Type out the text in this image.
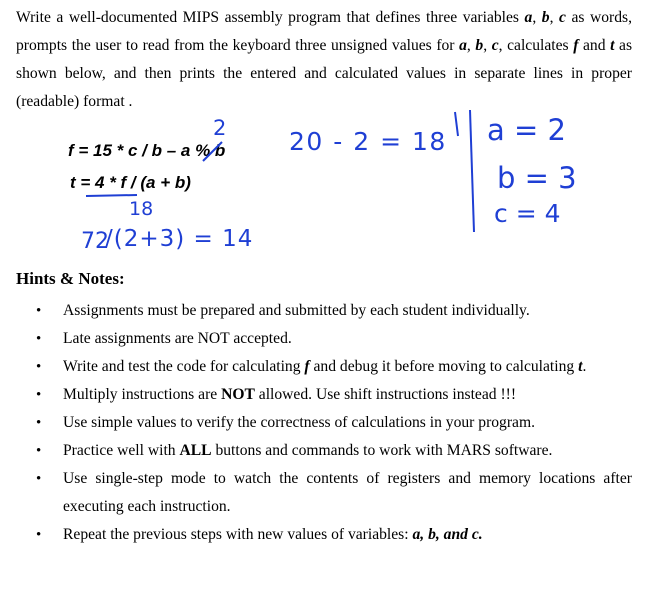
Write a well-documented MIPS assembly program that defines three variables a, b, c as words, prompts the user to read from the keyboard three unsigned values for a, b, c, calculates f and t as shown below, and then prints the entered and calculated values in separate lines in proper (readable) format .
f = 15 * c / b – a % b
t = 4 * f / (a + b)
2
18
20 - 2 = 18
72
/(2+3) = 14
a = 2
b = 3
c = 4
Hints & Notes:
• Assignments must be prepared and submitted by each student individually.
• Late assignments are NOT accepted.
• Write and test the code for calculating f and debug it before moving to calculating t.
• Multiply instructions are NOT allowed. Use shift instructions instead !!!
• Use simple values to verify the correctness of calculations in your program.
• Practice well with ALL buttons and commands to work with MARS software.
• Use single-step mode to watch the contents of registers and memory locations after executing each instruction.
• Repeat the previous steps with new values of variables: a, b, and c.
